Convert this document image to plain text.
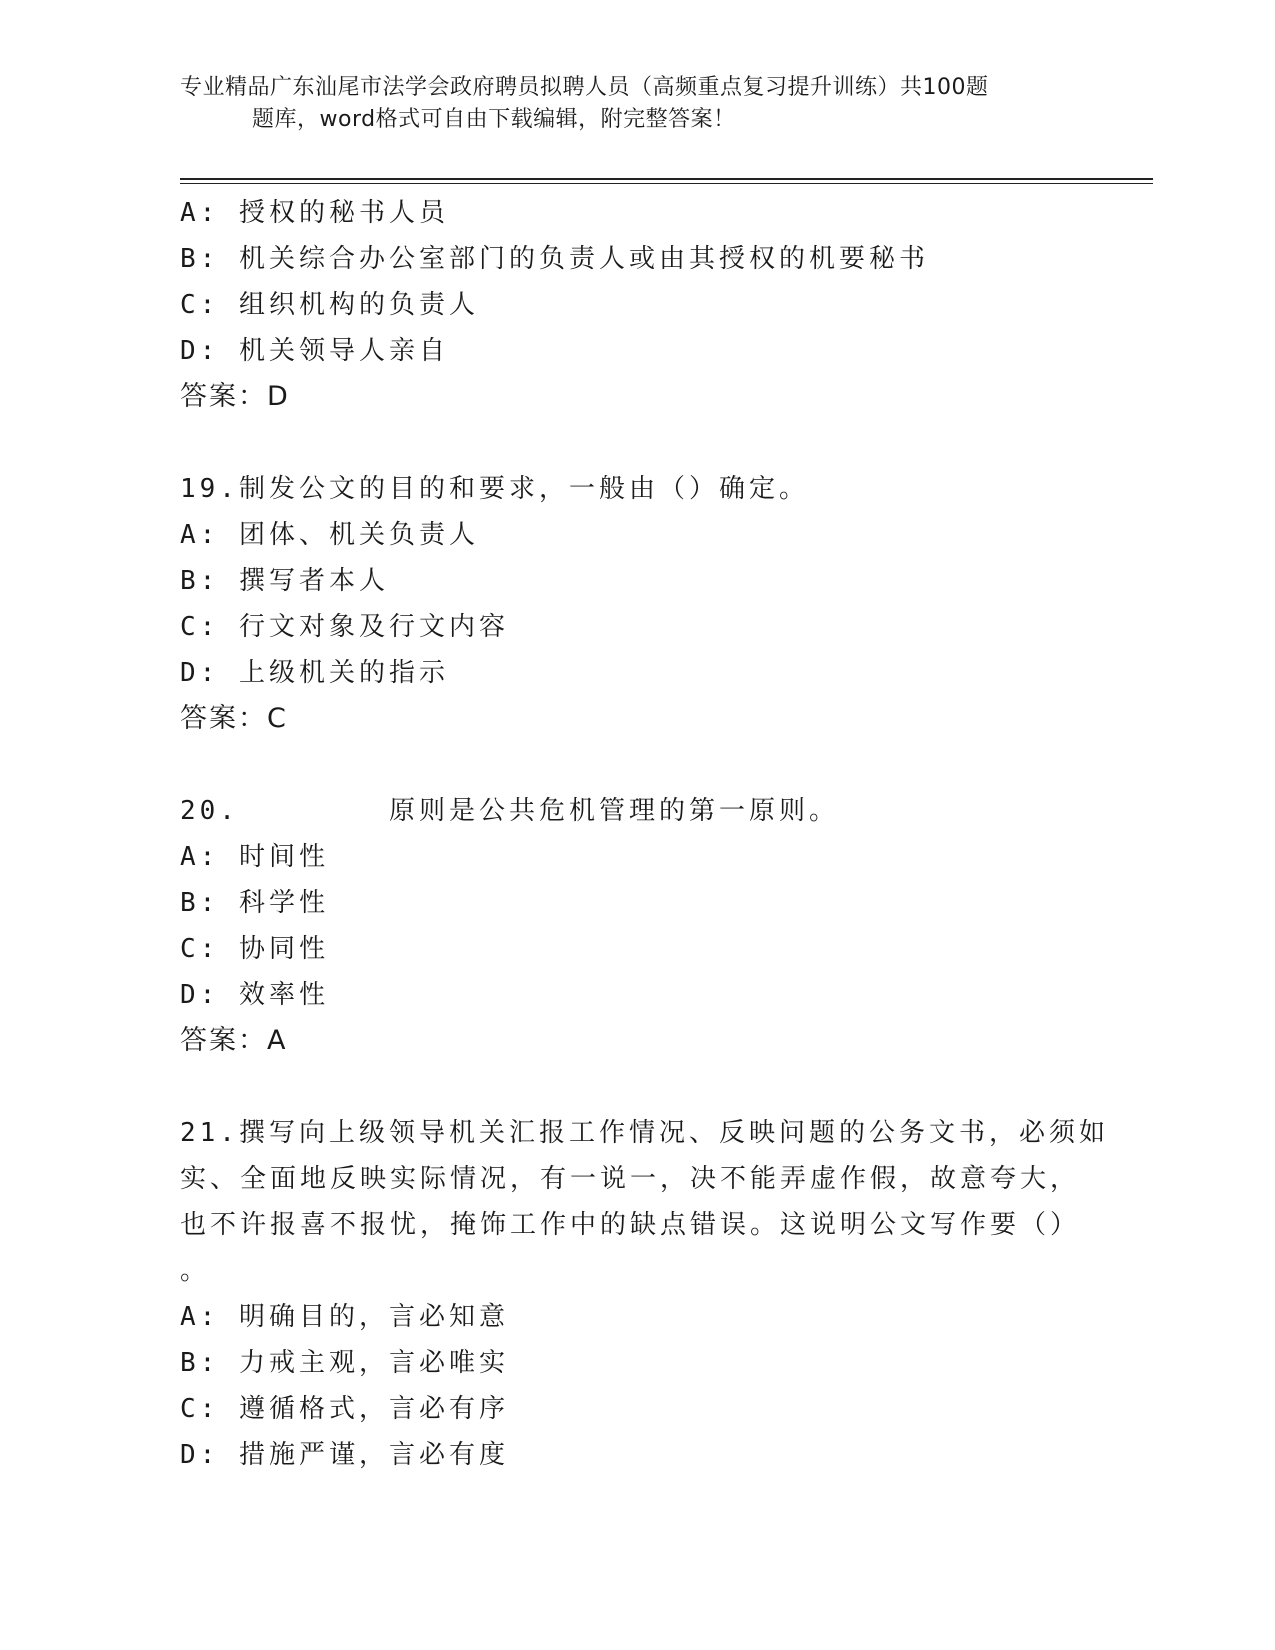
专业精品广东汕尾市法学会政府聘员拟聘人员（高频重点复习提升训练）共100题
题库，word格式可自由下载编辑，附完整答案！
A: 授权的秘书人员
B: 机关综合办公室部门的负责人或由其授权的机要秘书
C: 组织机构的负责人
D: 机关领导人亲自
答案：D
19.制发公文的目的和要求，一般由（）确定。
A: 团体、机关负责人
B: 撰写者本人
C: 行文对象及行文内容
D: 上级机关的指示
答案：C
20.	原则是公共危机管理的第一原则。
A: 时间性
B: 科学性
C: 协同性
D: 效率性
答案：A
21.撰写向上级领导机关汇报工作情况、反映问题的公务文书，必须如
实、全面地反映实际情况，有一说一，决不能弄虚作假，故意夸大，
也不许报喜不报忧，掩饰工作中的缺点错误。这说明公文写作要（）
。
A: 明确目的，言必知意
B: 力戒主观，言必唯实
C: 遵循格式，言必有序
D: 措施严谨，言必有度
